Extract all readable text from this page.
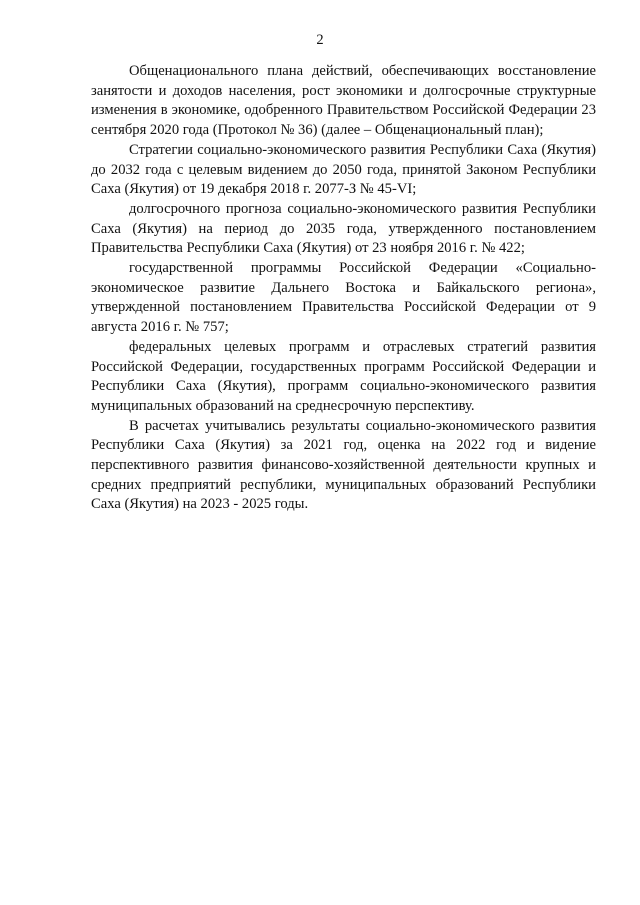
2

Общенационального плана действий, обеспечивающих восстановление занятости и доходов населения, рост экономики и долгосрочные структурные изменения в экономике, одобренного Правительством Российской Федерации 23 сентября 2020 года (Протокол № 36) (далее – Общенациональный план);

Стратегии социально-экономического развития Республики Саха (Якутия) до 2032 года с целевым видением до 2050 года, принятой Законом Республики Саха (Якутия) от 19 декабря 2018 г. 2077-З № 45-VI;

долгосрочного прогноза социально-экономического развития Республики Саха (Якутия) на период до 2035 года, утвержденного постановлением Правительства Республики Саха (Якутия) от 23 ноября 2016 г. № 422;

государственной программы Российской Федерации «Социально-экономическое развитие Дальнего Востока и Байкальского региона», утвержденной постановлением Правительства Российской Федерации от 9 августа 2016 г. № 757;

федеральных целевых программ и отраслевых стратегий развития Российской Федерации, государственных программ Российской Федерации и Республики Саха (Якутия), программ социально-экономического развития муниципальных образований на среднесрочную перспективу.

В расчетах учитывались результаты социально-экономического развития Республики Саха (Якутия) за 2021 год, оценка на 2022 год и видение перспективного развития финансово-хозяйственной деятельности крупных и средних предприятий республики, муниципальных образований Республики Саха (Якутия) на 2023 - 2025 годы.
